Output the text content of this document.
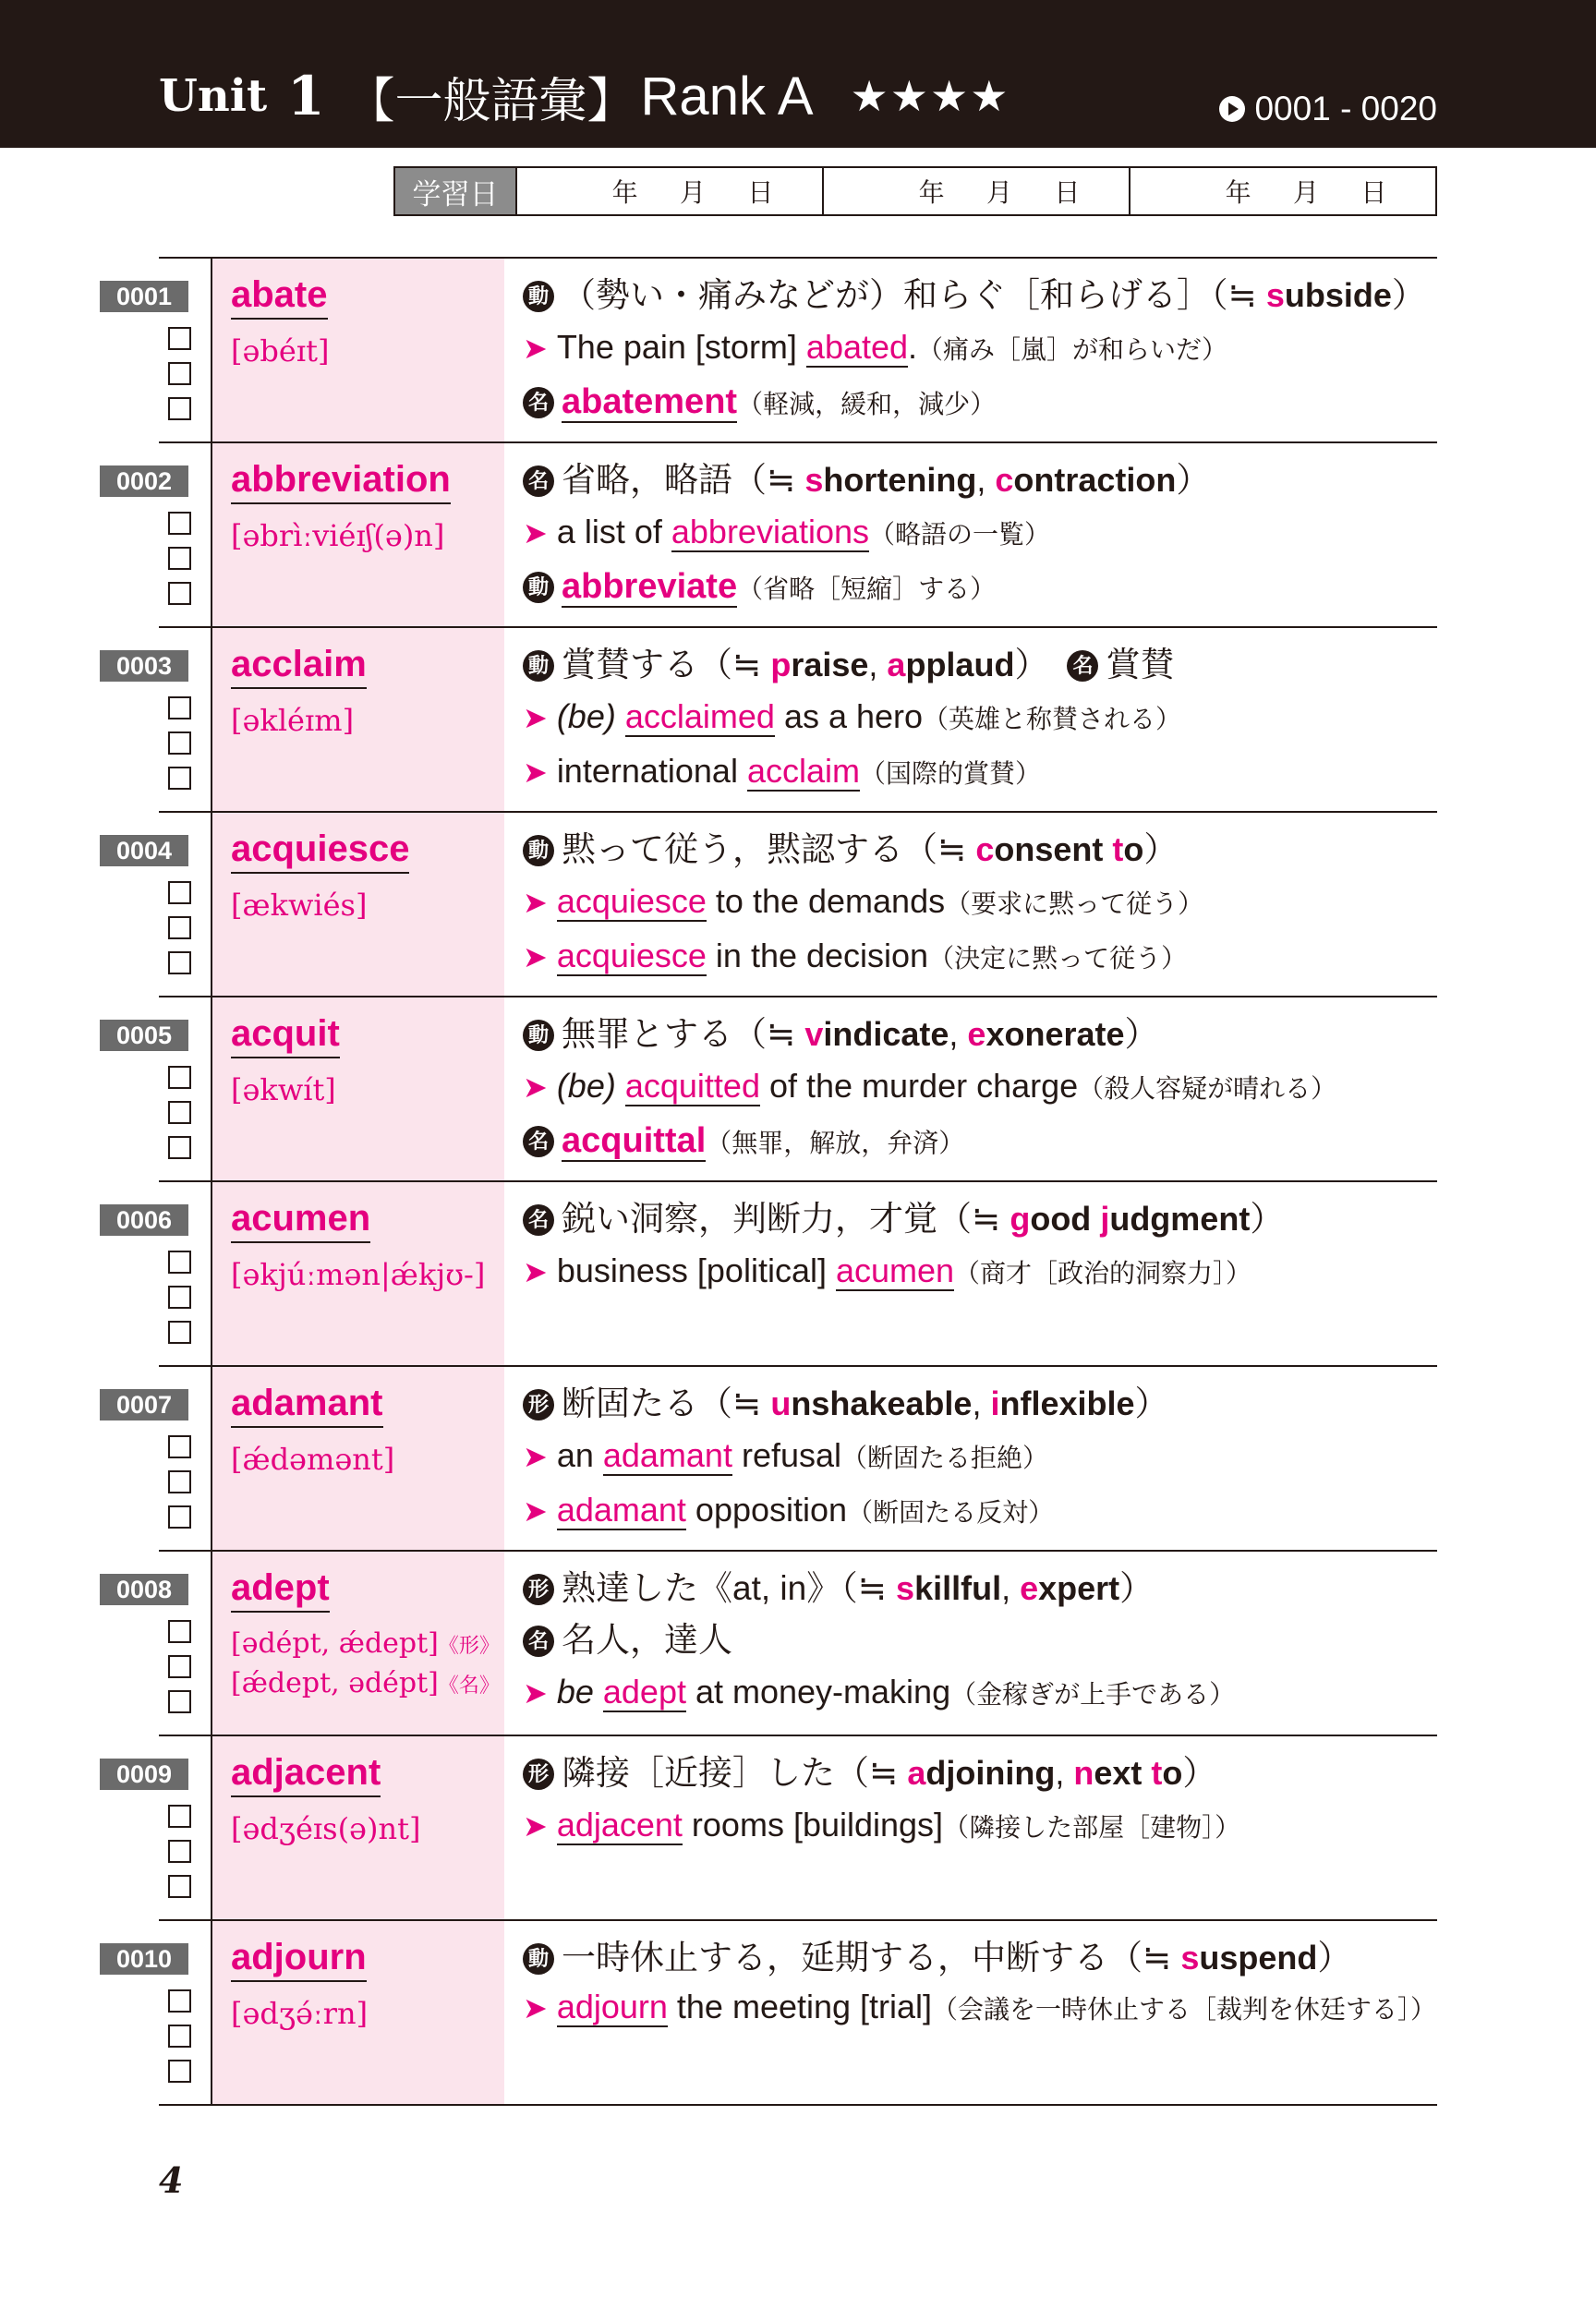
Unit 1 【一般語彙】 Rank A ★★★★	0001 - 0020
学習日	年 月 日	年 月 日	年 月 日
0001	abate
[əbéɪt]
動 （勢い・痛みなどが）和らぐ［和らげる］（≒ subside）
➤ The pain [storm] abated.（痛み［嵐］が和らいだ）
名 abatement（軽減，緩和，減少）
0002	abbreviation
[əbrìːviéɪʃ(ə)n]
名 省略，略語（≒ shortening, contraction）
➤ a list of abbreviations（略語の一覧）
動 abbreviate（省略［短縮］する）
0003	acclaim
[əkléɪm]
動 賞賛する（≒ praise, applaud） 名 賞賛
➤ (be) acclaimed as a hero（英雄と称賛される）
➤ international acclaim（国際的賞賛）
0004	acquiesce
[ækwiés]
動 黙って従う，黙認する（≒ consent to）
➤ acquiesce to the demands（要求に黙って従う）
➤ acquiesce in the decision（決定に黙って従う）
0005	acquit
[əkwít]
動 無罪とする（≒ vindicate, exonerate）
➤ (be) acquitted of the murder charge（殺人容疑が晴れる）
名 acquittal（無罪，解放，弁済）
0006	acumen
[əkjúːmən|ǽkjʊ-]
名 鋭い洞察，判断力，才覚（≒ good judgment）
➤ business [political] acumen（商才［政治的洞察力］）
0007	adamant
[ǽdəmənt]
形 断固たる（≒ unshakeable, inflexible）
➤ an adamant refusal（断固たる拒絶）
➤ adamant opposition（断固たる反対）
0008	adept
[ədépt, ǽdept]《形》
[ǽdept, ədépt]《名》
形 熟達した《at, in》（≒ skillful, expert）
名 名人，達人
➤ be adept at money-making（金稼ぎが上手である）
0009	adjacent
[ədʒéɪs(ə)nt]
形 隣接［近接］した（≒ adjoining, next to）
➤ adjacent rooms [buildings]（隣接した部屋［建物］）
0010	adjourn
[ədʒə́ːrn]
動 一時休止する，延期する，中断する（≒ suspend）
➤ adjourn the meeting [trial]（会議を一時休止する［裁判を休廷する］）
4
